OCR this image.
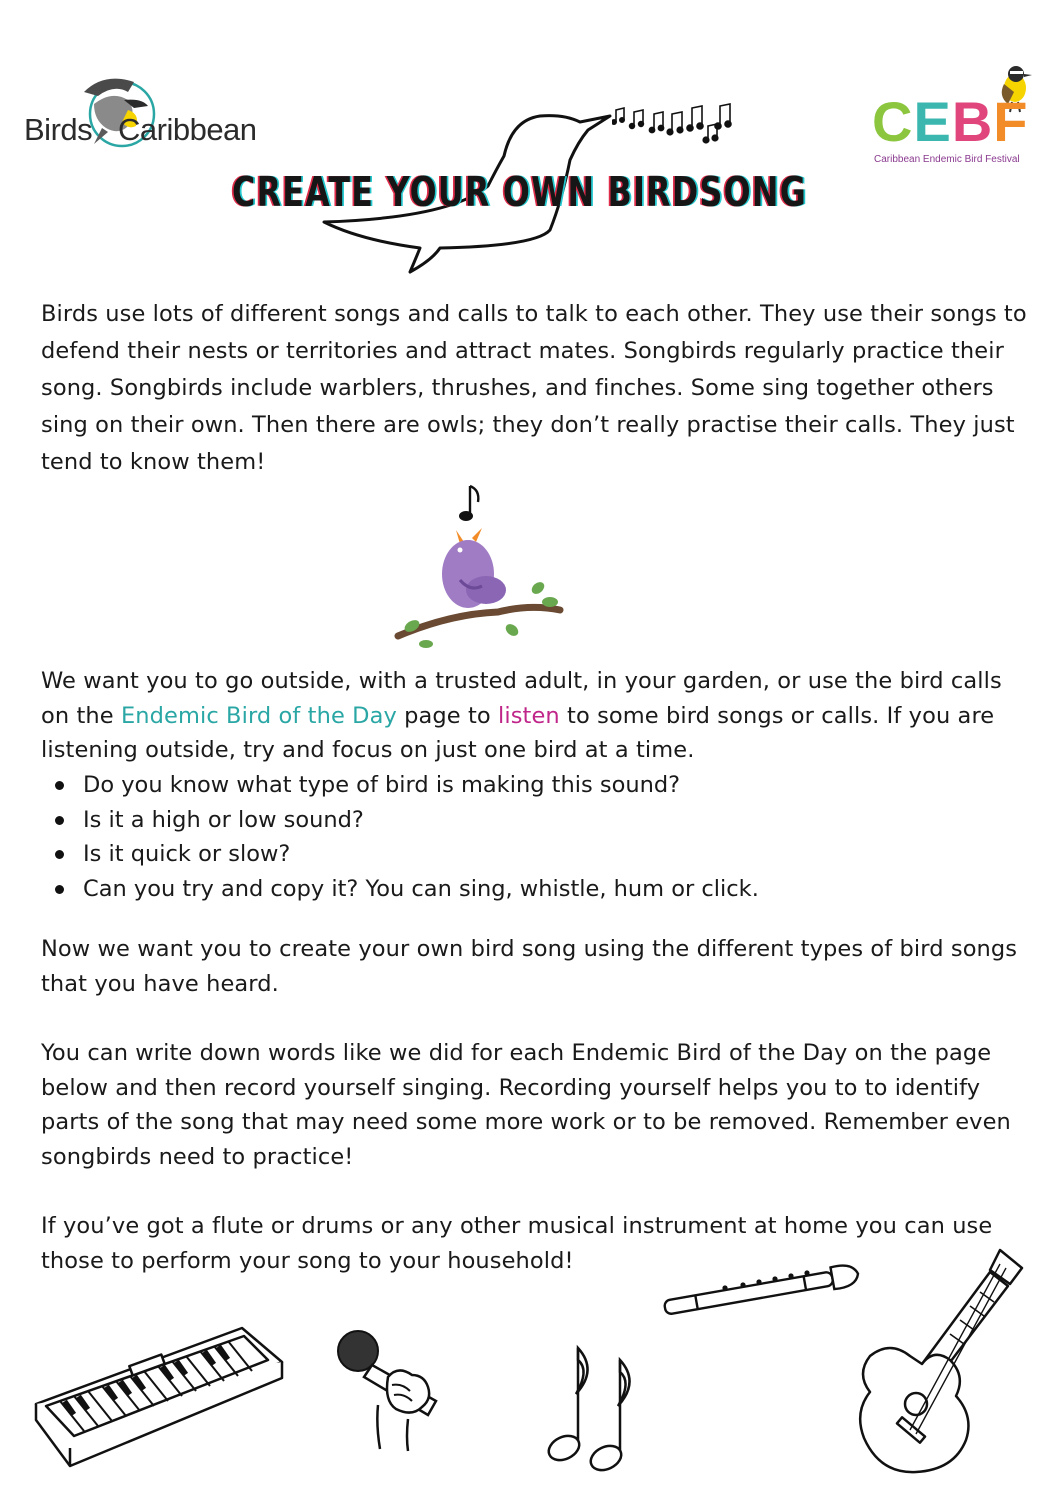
Birds Caribbean	CEBF
Caribbean Endemic Bird Festival
CREATE YOUR OWN BIRDSONG

Birds use lots of different songs and calls to talk to each other. They use their songs to defend their nests or territories and attract mates. Songbirds regularly practice their song. Songbirds include warblers, thrushes, and finches. Some sing together others sing on their own. Then there are owls; they don’t really practise their calls. They just tend to know them!

We want you to go outside, with a trusted adult, in your garden, or use the bird calls on the Endemic Bird of the Day page to listen to some bird songs or calls. If you are listening outside, try and focus on just one bird at a time.

Do you know what type of bird is making this sound?
Is it a high or low sound?
Is it quick or slow?
Can you try and copy it? You can sing, whistle, hum or click.

Now we want you to create your own bird song using the different types of bird songs that you have heard.

You can write down words like we did for each Endemic Bird of the Day on the page below and then record yourself singing. Recording yourself helps you to to identify parts of the song that may need some more work or to be removed. Remember even songbirds need to practice!

If you’ve got a flute or drums or any other musical instrument at home you can use those to perform your song to your household!
